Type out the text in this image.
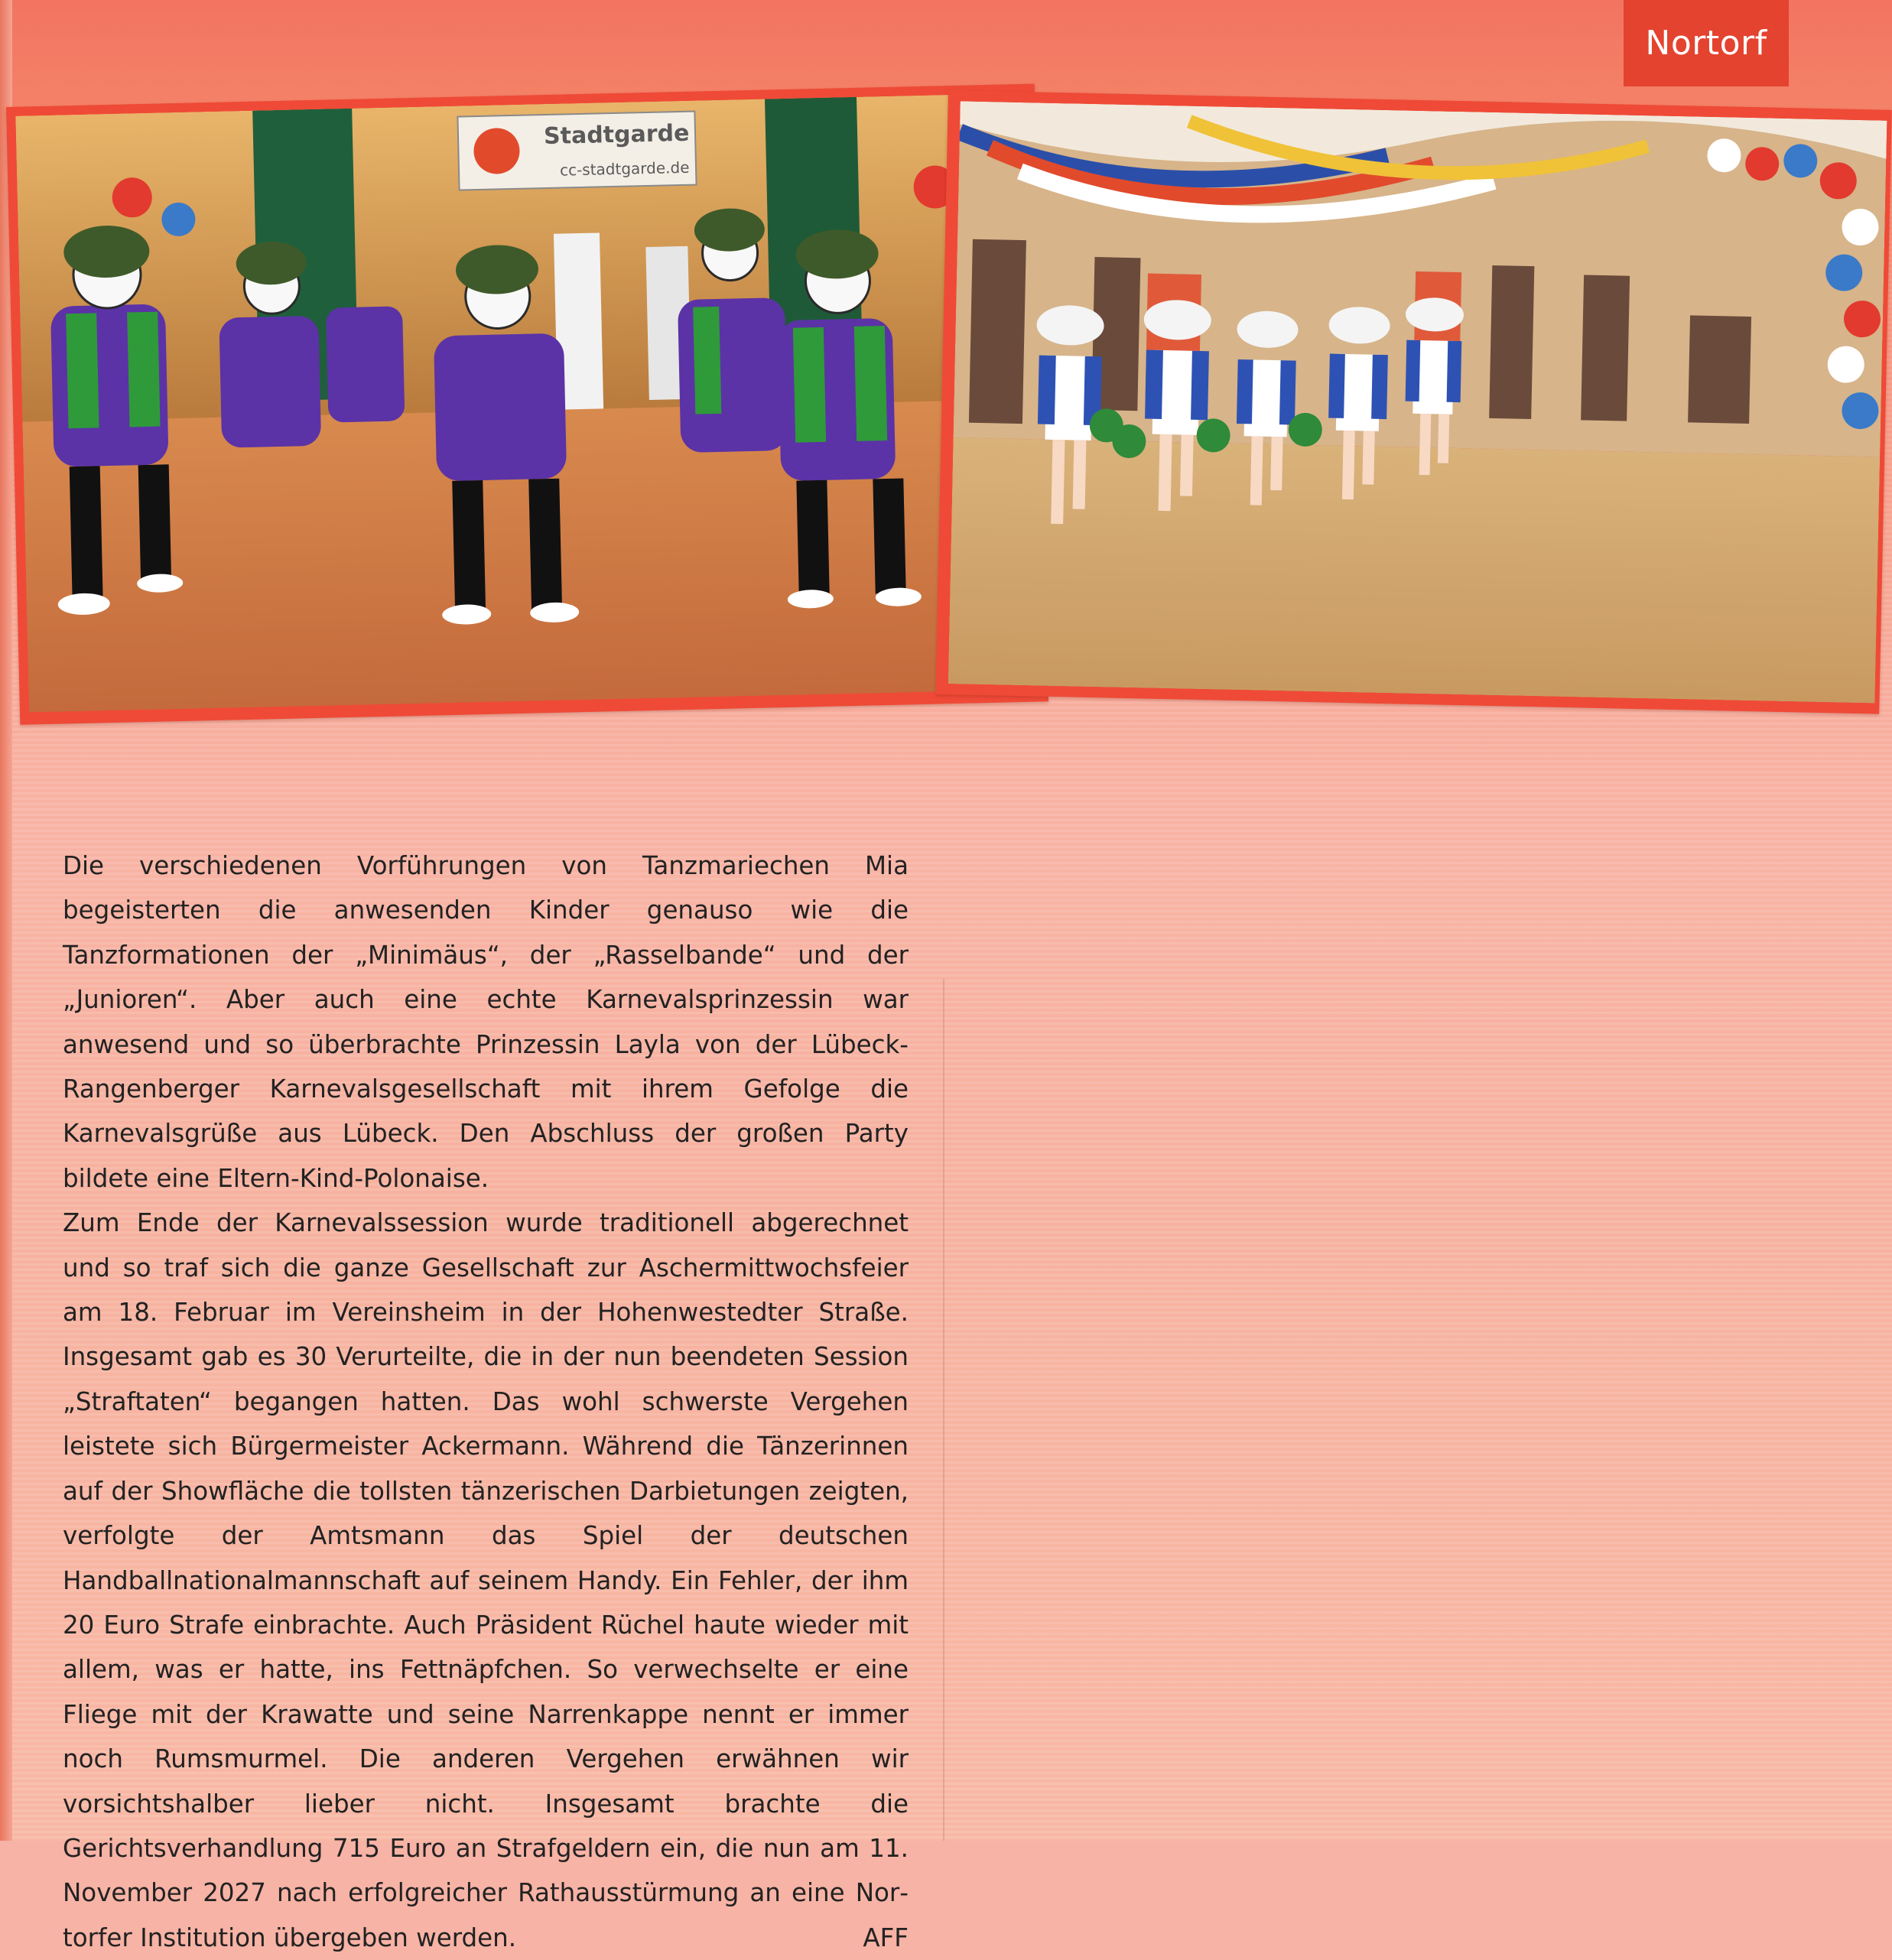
Nortorf
Stadtgarde
cc-stadtgarde.de

Die verschiedenen Vorführungen von Tanzmariechen Mia begeisterten die anwesenden Kinder genauso wie die Tanzformationen der „Minimäus“, der „Rasselbande“ und der „Junioren“. Aber auch eine echte Karnevalsprinzessin war anwesend und so überbrachte Prinzessin Layla von der Lübeck-Rangenberger Karnevalsgesellschaft mit ihrem Gefolge die Karnevalsgrüße aus Lübeck. Den Abschluss der großen Party bildete eine Eltern-Kind-Polonaise.

Zum Ende der Karnevalssession wurde traditionell abgerechnet und so traf sich die ganze Gesellschaft zur Aschermittwochsfeier am 18. Februar im Vereinsheim in der Hohenwestedter Straße. Insgesamt gab es 30 Verurteilte, die in der nun beendeten Session „Straftaten“ begangen hatten. Das wohl schwerste Vergehen leistete sich Bürgermeister Ackermann. Während die Tänzerinnen auf der Showfläche die tollsten tänzerischen Darbietungen zeigten, verfolgte der Amtsmann das Spiel der deutschen Handballnationalmannschaft auf seinem Handy. Ein Fehler, der ihm 20 Euro Strafe einbrachte. Auch Präsident Rüchel haute wieder mit allem, was er hatte, ins Fettnäpfchen. So verwechselte er eine Fliege mit der Krawatte und seine Narrenkappe nennt er immer noch Rumsmurmel. Die anderen Vergehen erwähnen wir vorsichtshalber lieber nicht. Insgesamt brachte die Gerichtsverhandlung 715 Euro an Strafgeldern ein, die nun am 11. November 2027 nach erfolgreicher Rathausstürmung an eine Nortorfer Institution übergeben werden.	AFF
